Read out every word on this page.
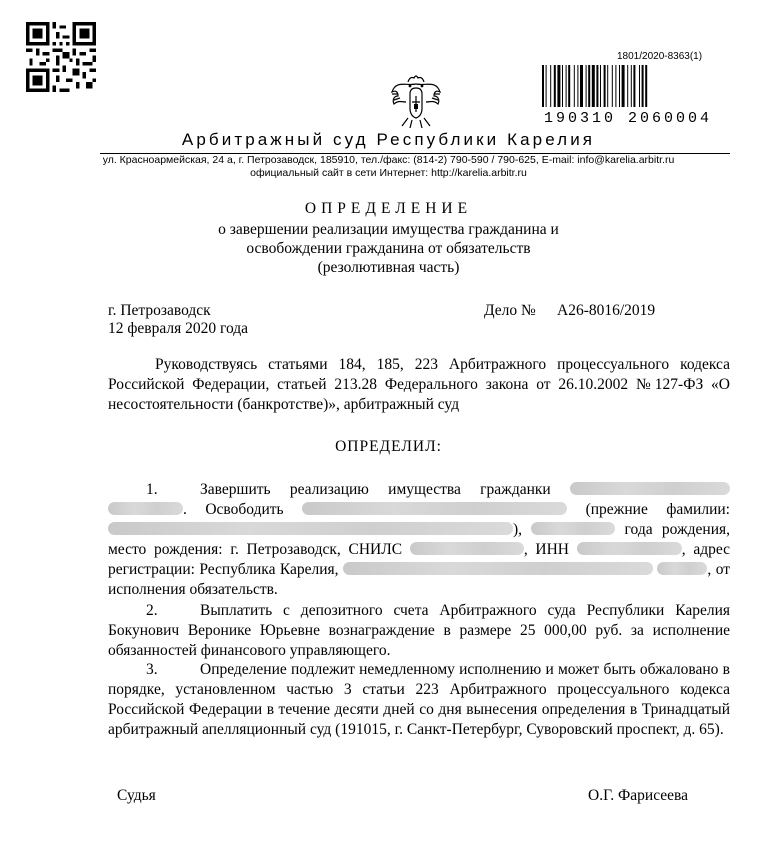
1801/2020-8363(1)
190310 2060004
Арбитражный суд Республики Карелия
ул. Красноармейская, 24 а, г. Петрозаводск, 185910, тел./факс: (814-2) 790-590 / 790-625, E-mail: info@karelia.arbitr.ru
официальный сайт в сети Интернет: http://karelia.arbitr.ru
ОПРЕДЕЛЕНИЕ
о завершении реализации имущества гражданина и
освобождении гражданина от обязательств
(резолютивная часть)
г. Петрозаводск
12 февраля 2020 года
Дело № А26-8016/2019
Руководствуясь статьями 184, 185, 223 Арбитражного процессуального кодекса Российской Федерации, статьей 213.28 Федерального закона от 26.10.2002 №127-ФЗ «О несостоятельности (банкротстве)», арбитражный суд
ОПРЕДЕЛИЛ:
1.	Завершить реализацию имущества гражданки . Освободить	(прежние фамилии: ),	года рождения, место рождения: г. Петрозаводск, СНИЛС	, ИНН	, адрес регистрации: Республика Карелия,	, от исполнения обязательств.
2.	Выплатить с депозитного счета Арбитражного суда Республики Карелия Бокунович Веронике Юрьевне вознаграждение в размере 25 000,00 руб. за исполнение обязанностей финансового управляющего.
3.	Определение подлежит немедленному исполнению и может быть обжаловано в порядке, установленном частью 3 статьи 223 Арбитражного процессуального кодекса Российской Федерации в течение десяти дней со дня вынесения определения в Тринадцатый арбитражный апелляционный суд (191015, г. Санкт-Петербург, Суворовский проспект, д. 65).
Судья	О.Г. Фарисеева
